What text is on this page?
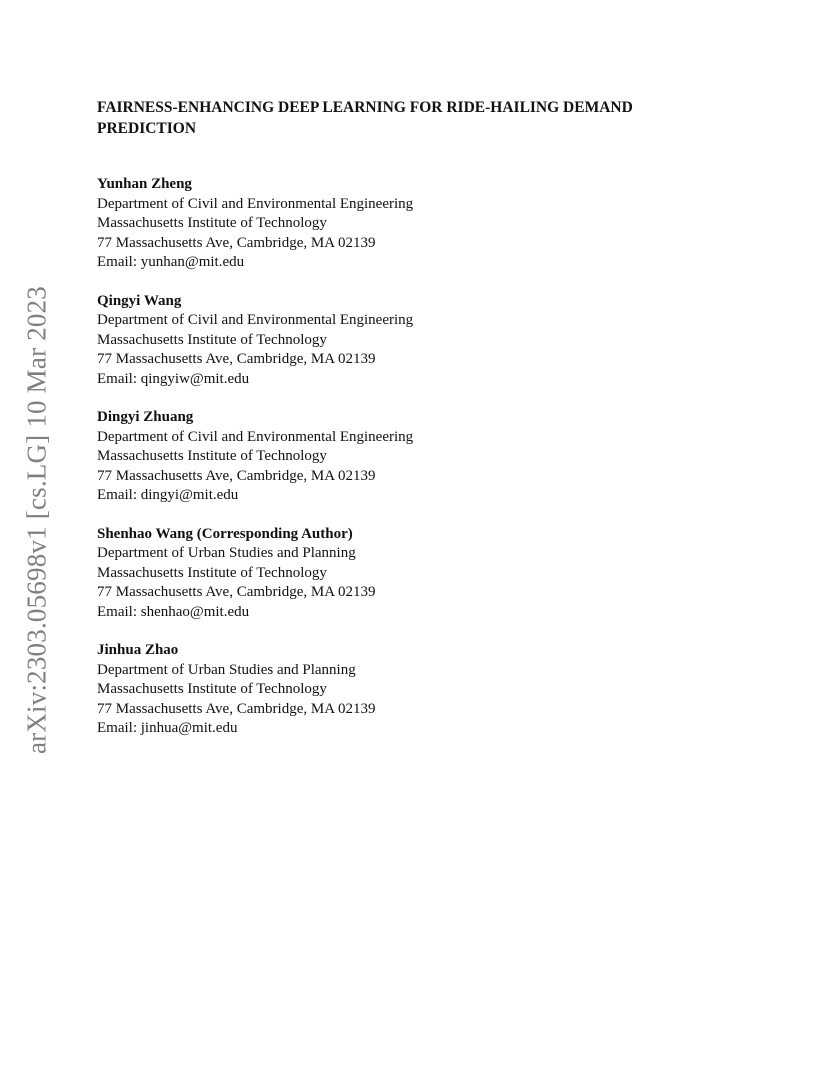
arXiv:2303.05698v1 [cs.LG] 10 Mar 2023
FAIRNESS-ENHANCING DEEP LEARNING FOR RIDE-HAILING DEMAND PREDICTION
Yunhan Zheng
Department of Civil and Environmental Engineering
Massachusetts Institute of Technology
77 Massachusetts Ave, Cambridge, MA 02139
Email: yunhan@mit.edu
Qingyi Wang
Department of Civil and Environmental Engineering
Massachusetts Institute of Technology
77 Massachusetts Ave, Cambridge, MA 02139
Email: qingyiw@mit.edu
Dingyi Zhuang
Department of Civil and Environmental Engineering
Massachusetts Institute of Technology
77 Massachusetts Ave, Cambridge, MA 02139
Email: dingyi@mit.edu
Shenhao Wang (Corresponding Author)
Department of Urban Studies and Planning
Massachusetts Institute of Technology
77 Massachusetts Ave, Cambridge, MA 02139
Email: shenhao@mit.edu
Jinhua Zhao
Department of Urban Studies and Planning
Massachusetts Institute of Technology
77 Massachusetts Ave, Cambridge, MA 02139
Email: jinhua@mit.edu
